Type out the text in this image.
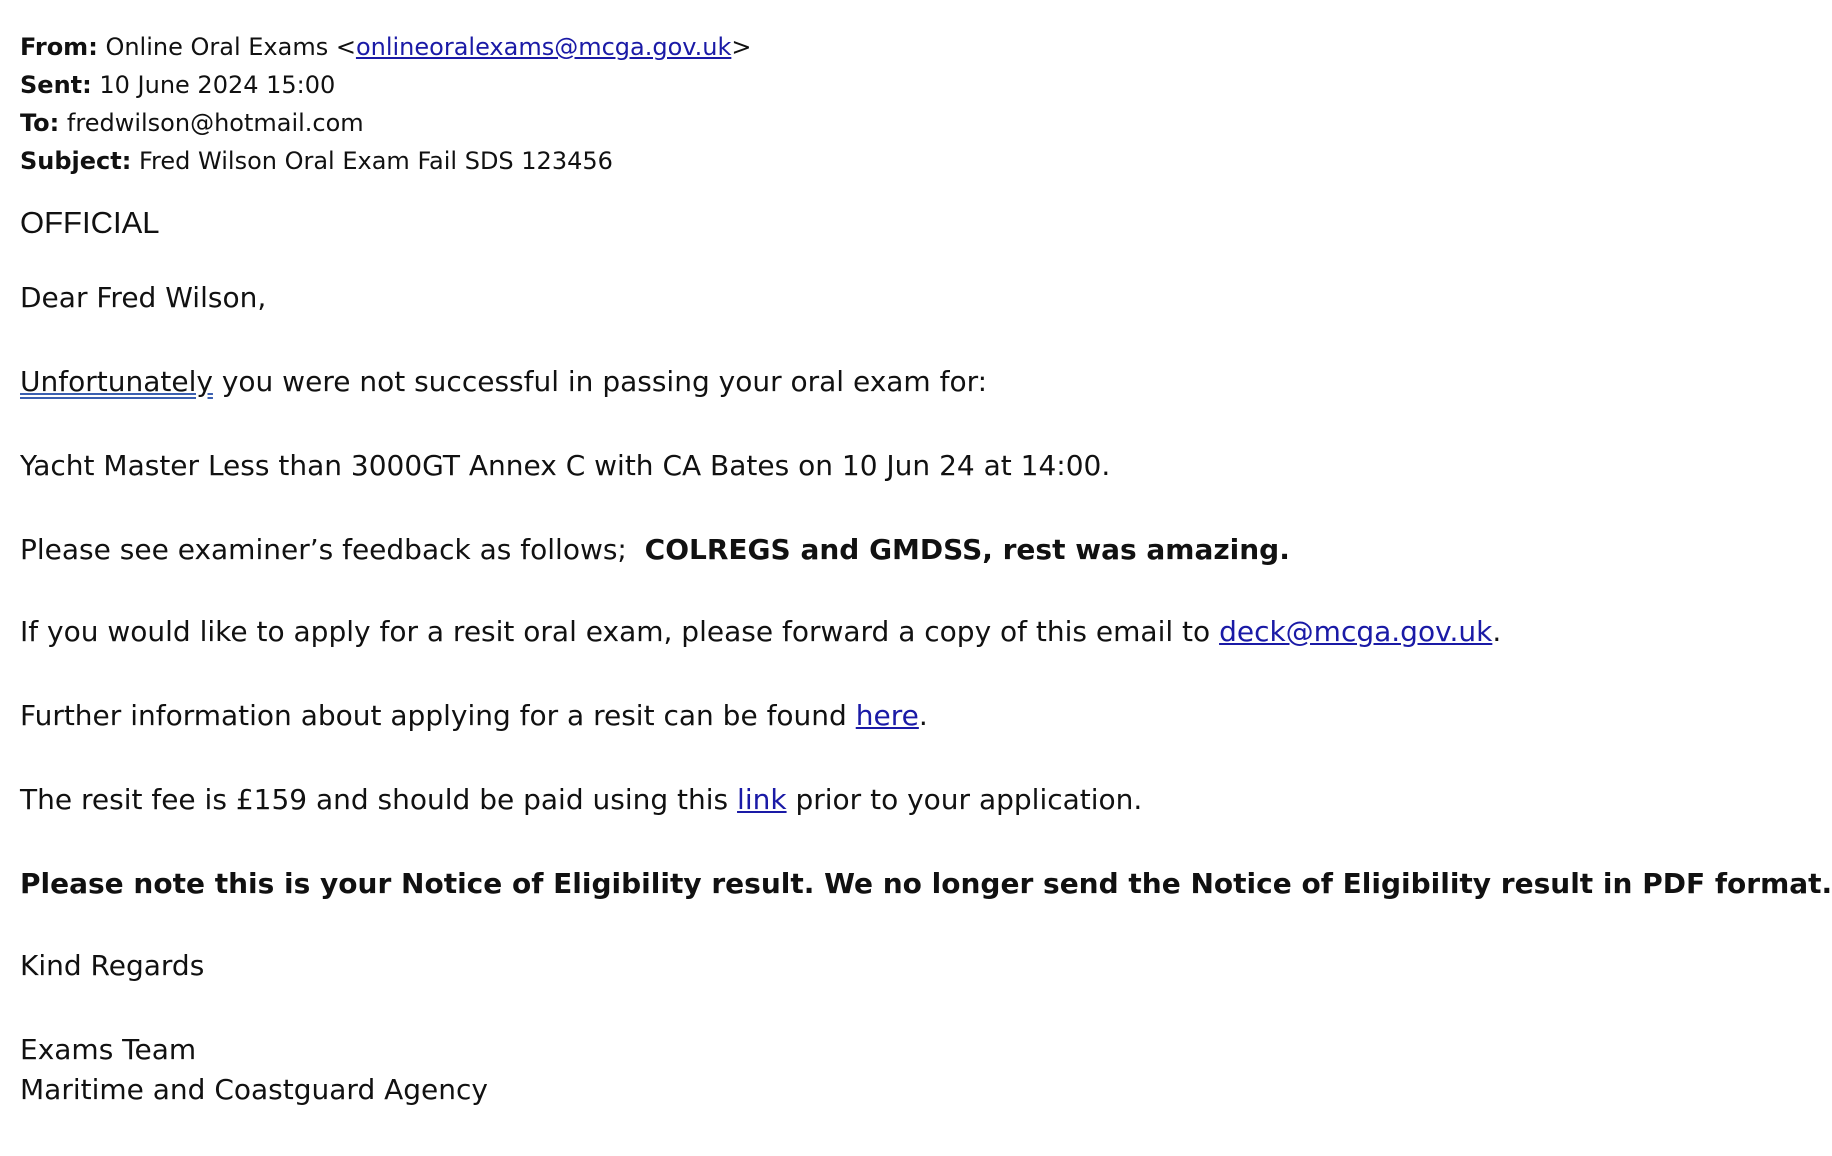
From: Online Oral Exams <onlineoralexams@mcga.gov.uk>
Sent: 10 June 2024 15:00
To: fredwilson@hotmail.com
Subject: Fred Wilson Oral Exam Fail SDS 123456
OFFICIAL

Dear Fred Wilson,

Unfortunately you were not successful in passing your oral exam for:

Yacht Master Less than 3000GT Annex C with CA Bates on 10 Jun 24 at 14:00.

Please see examiner’s feedback as follows;  COLREGS and GMDSS, rest was amazing.

If you would like to apply for a resit oral exam, please forward a copy of this email to deck@mcga.gov.uk.

Further information about applying for a resit can be found here.

The resit fee is £159 and should be paid using this link prior to your application.

Please note this is your Notice of Eligibility result. We no longer send the Notice of Eligibility result in PDF format.

Kind Regards

Exams Team

Maritime and Coastguard Agency
